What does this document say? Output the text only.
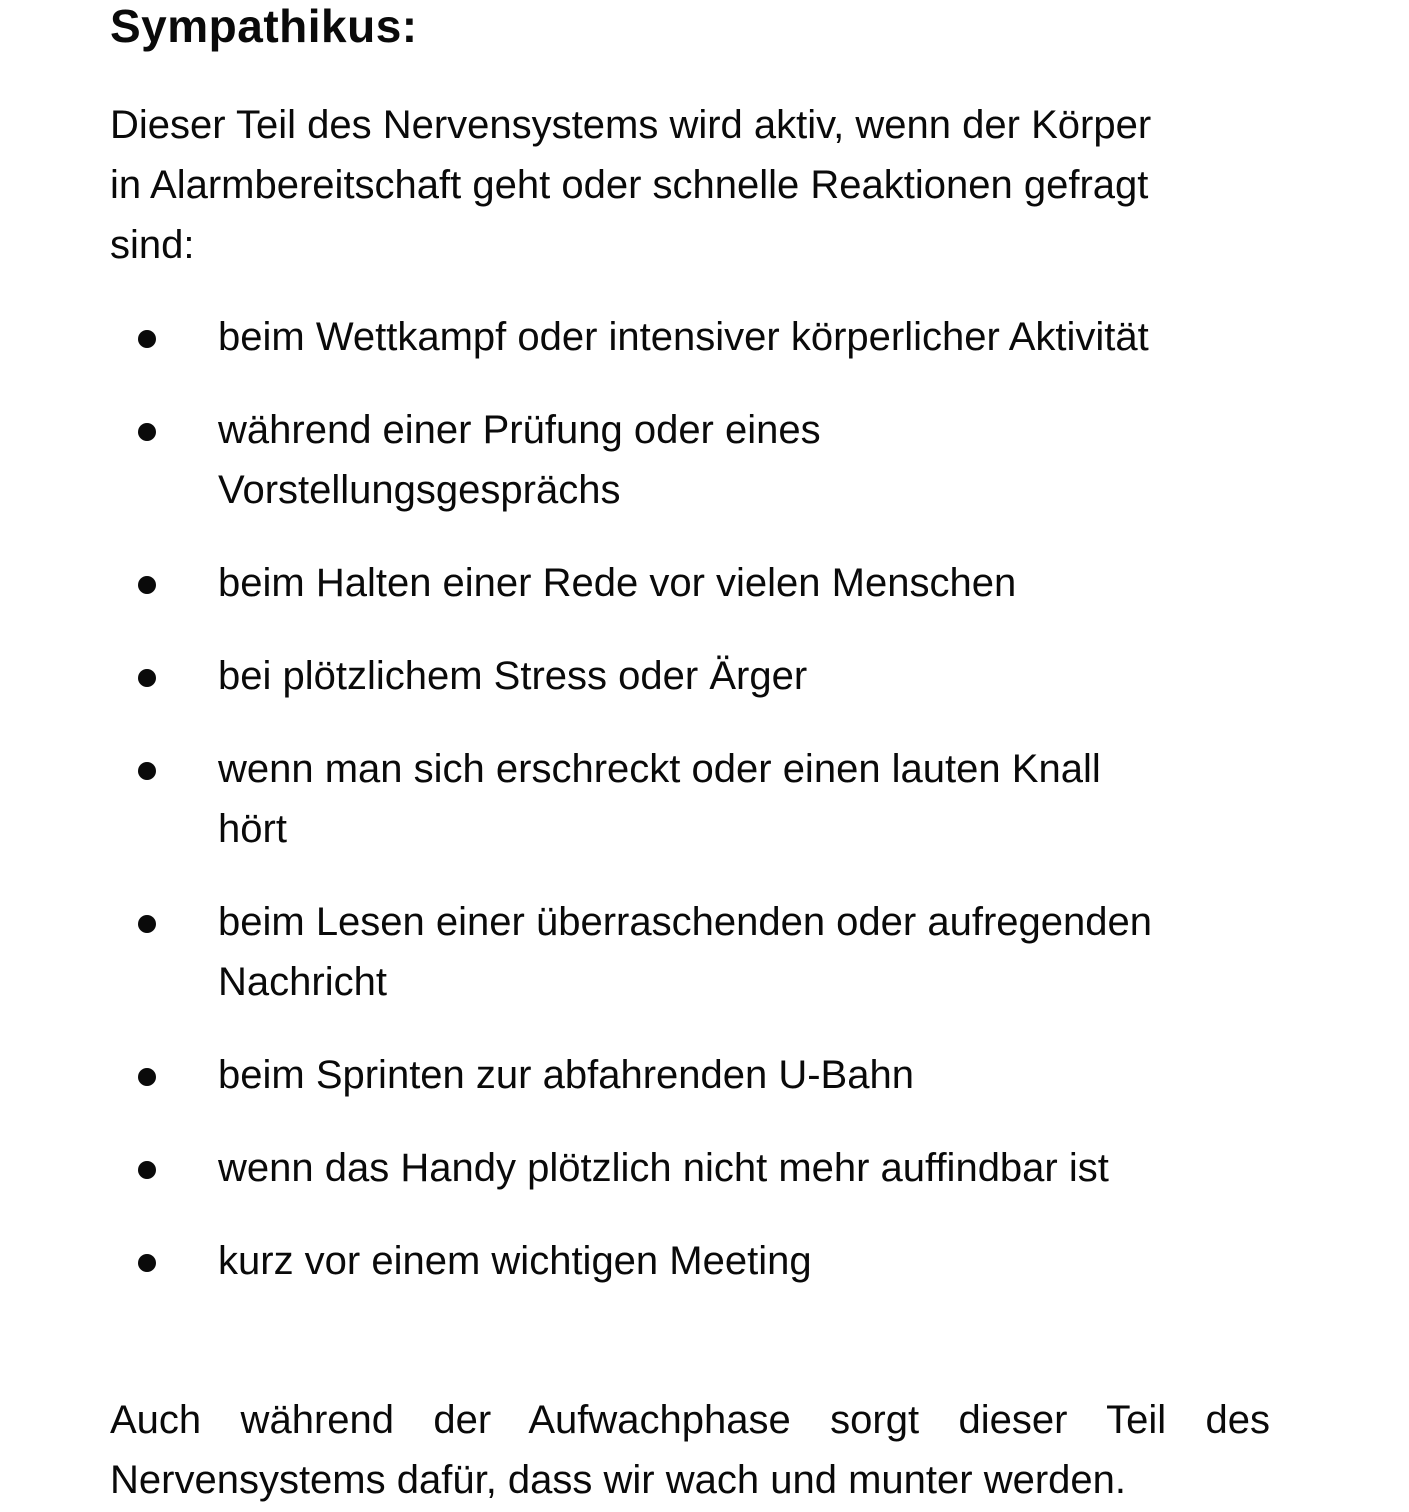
Sympathikus:
Dieser Teil des Nervensystems wird aktiv, wenn der Körper
in Alarmbereitschaft geht oder schnelle Reaktionen gefragt
sind:
beim Wettkampf oder intensiver körperlicher Aktivität
während einer Prüfung oder eines
Vorstellungsgesprächs
beim Halten einer Rede vor vielen Menschen
bei plötzlichem Stress oder Ärger
wenn man sich erschreckt oder einen lauten Knall
hört
beim Lesen einer überraschenden oder aufregenden
Nachricht
beim Sprinten zur abfahrenden U-Bahn
wenn das Handy plötzlich nicht mehr auffindbar ist
kurz vor einem wichtigen Meeting
Auch während der Aufwachphase sorgt dieser Teil des
Nervensystems dafür, dass wir wach und munter werden.
